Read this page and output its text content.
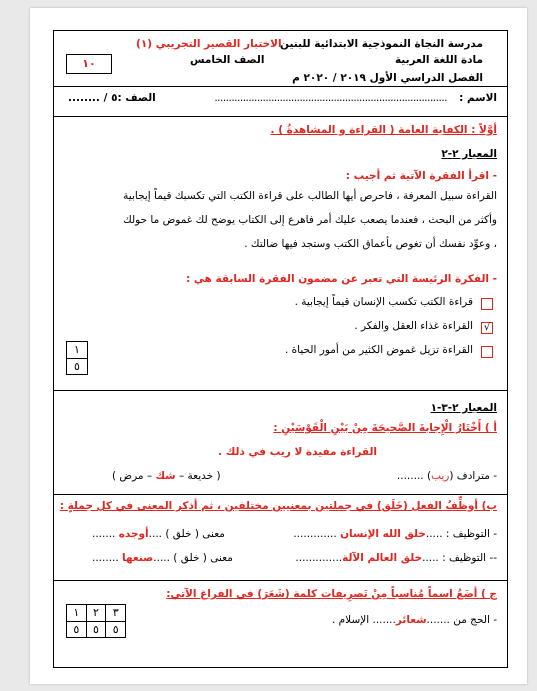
مدرسة النجاة النموذجية الابتدائية للبنين
مادة اللغة العربية
الفصل الدراسي الأول ٢٠١٩ / ٢٠٢٠ م
الاختبار القصير التجريبي (١)
الصف الخامس
١٠
الاسم :
..................................................................................
الصف :٥ / ........
أوَّلاً : الكفاية العامة ( القراءة و المشاهدةُ ) .
المعيار ٢-٢
- اقرأ الفقرة الآتية ثم أجيب :
القراءة سبيل المعرفة ، فاحرص أيها الطالب على قراءة الكتب التي تكسبك قيماً إيجابية
وأكثر من البحث ، فعندما يصعب عليك أمر فاهرع إلى الكتاب يوضح لك غموض ما حولك
، وعوِّد نفسك أن تغوص بأعماق الكتب وستجد فيها ضالتك .
- الفكرة الرئيسة التي تعبر عن مضمون الفقرة السابقة هي :
قراءة الكتب تكسب الإنسان قيماً إيجابية .
√
القراءة غذاء العقل والفكر .
القراءة تزيل غموض الكثير من أمور الحياة .
١
٥
المعيار ٢-٣-١
أ ) أَخْتَارُ الْإِجابةَ الصَّحيحَةَ مِنْ بَيْنِ الْقَوْسَيْنِ :
القراءة مفيدة لا ريب في ذلك .
- مترادف (ريب) ........
( خديعة – شك – مرض )
ب) أوظِّفُ الفعل (خَلَق) في جملتين بمعنيين مختلفين ، ثم أذكر المعنى في كل جملةٍ :
- التوظيف : .....خلق الله الإنسان .............
معنى ( خلق ) ....أوجده .......
-- التوظيف : .....خلق العالم الآلة..............
معنى ( خلق ) .....صنعها ........
ج ) أضَعُ اسماً مُناسباً مِنْ تَصرِيفات كلمة (شَعَرَ) في الفراغ الآتي:
- الحج من .......شعائر....... الإسلام .
٣
٥
٢
٥
١
٥
